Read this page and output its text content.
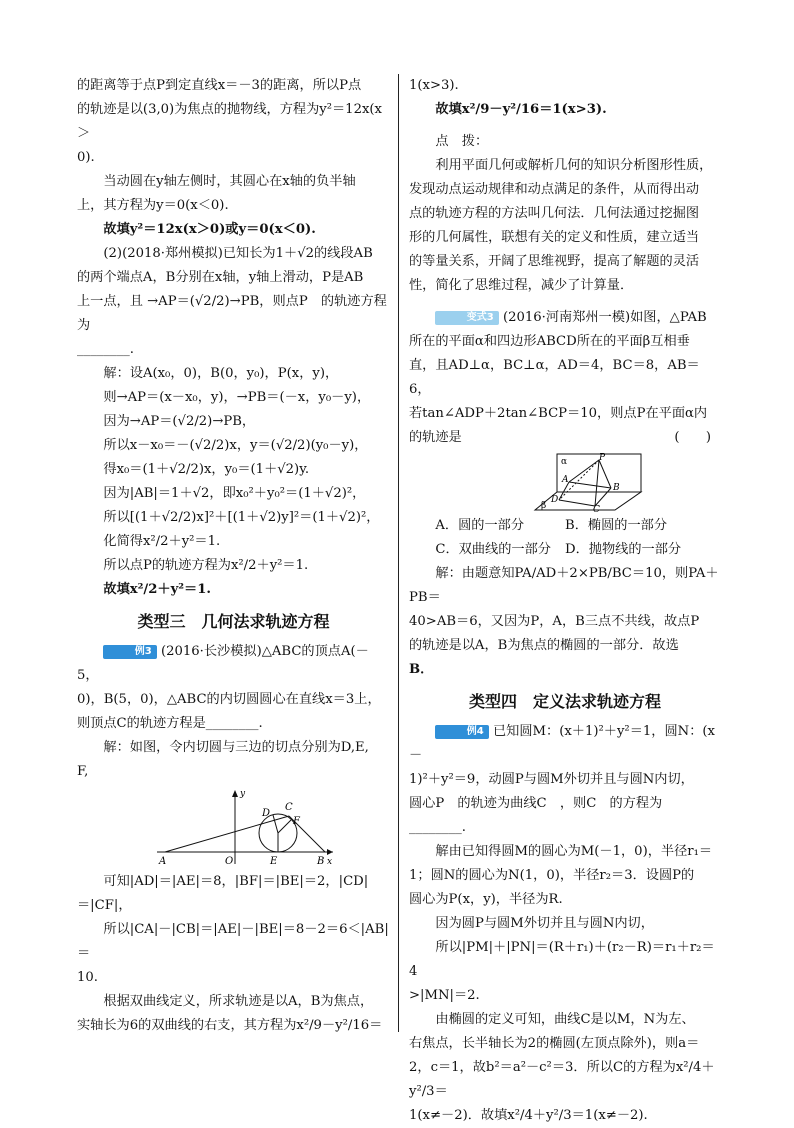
的距离等于点P到定直线x＝－3的距离，所以P点

的轨迹是以(3,0)为焦点的抛物线，方程为y²＝12x(x＞

0).

当动圆在y轴左侧时，其圆心在x轴的负半轴

上，其方程为y＝0(x＜0).

故填y²＝12x(x＞0)或y＝0(x＜0).

(2)(2018·郑州模拟)已知长为1＋√2的线段AB

的两个端点A，B分别在x轴，y轴上滑动，P是AB

上一点，且 →AP＝(√2/2)→PB，则点P　的轨迹方程为

________.

解：设A(x₀，0)，B(0，y₀)，P(x，y)，

则→AP＝(x－x₀，y)，→PB＝(－x，y₀－y)，

因为→AP＝(√2/2)→PB，

所以x－x₀＝－(√2/2)x，y＝(√2/2)(y₀－y)，

得x₀＝(1＋√2/2)x，y₀＝(1＋√2)y.

因为|AB|＝1＋√2，即x₀²＋y₀²＝(1＋√2)²，

所以[(1＋√2/2)x]²＋[(1＋√2)y]²＝(1＋√2)²，

化简得x²/2＋y²＝1.

所以点P的轨迹方程为x²/2＋y²＝1.

故填x²/2＋y²＝1.

类型三　几何法求轨迹方程

例3 (2016·长沙模拟)△ABC的顶点A(－5，

0)，B(5，0)，△ABC的内切圆圆心在直线x＝3上，

则顶点C的轨迹方程是________.

解：如图，令内切圆与三边的切点分别为D,E,

F,

A	O	E	B
C
D
F
x
y

可知|AD|＝|AE|＝8，|BF|＝|BE|＝2，|CD|＝|CF|，

所以|CA|－|CB|＝|AE|－|BE|＝8－2＝6＜|AB|＝

10.

根据双曲线定义，所求轨迹是以A，B为焦点，

实轴长为6的双曲线的右支，其方程为x²/9－y²/16＝

1(x>3).

故填x²/9－y²/16＝1(x>3).

点　拨：

利用平面几何或解析几何的知识分析图形性质，

发现动点运动规律和动点满足的条件，从而得出动

点的轨迹方程的方法叫几何法．几何法通过挖掘图

形的几何属性，联想有关的定义和性质，建立适当

的等量关系，开阔了思维视野，提高了解题的灵活

性，简化了思维过程，减少了计算量．

变式3 (2016·河南郑州一模)如图，△PAB

所在的平面α和四边形ABCD所在的平面β互相垂

直，且AD⊥α，BC⊥α，AD＝4，BC＝8，AB＝6，

若tan∠ADP＋2tan∠BCP＝10，则点P在平面α内

的轨迹是	(　　)

α
β
P
A
B
C
D
A．圆的一部分	B．椭圆的一部分
C．双曲线的一部分	D．抛物线的一部分

解：由题意知PA/AD＋2×PB/BC＝10，则PA＋PB＝

40>AB＝6，又因为P，A，B三点不共线，故点P

的轨迹是以A，B为焦点的椭圆的一部分．故选

B．

类型四　定义法求轨迹方程

例4 已知圆M：(x＋1)²＋y²＝1，圆N：(x－

1)²＋y²＝9，动圆P与圆M外切并且与圆N内切，

圆心P　的轨迹为曲线C　，则C　的方程为

________.

解由已知得圆M的圆心为M(－1，0)，半径r₁＝

1；圆N的圆心为N(1，0)，半径r₂＝3．设圆P的

圆心为P(x，y)，半径为R.

因为圆P与圆M外切并且与圆N内切，

所以|PM|＋|PN|＝(R＋r₁)＋(r₂－R)＝r₁＋r₂＝4

>|MN|＝2.

由椭圆的定义可知，曲线C是以M，N为左、

右焦点，长半轴长为2的椭圆(左顶点除外)，则a＝

2，c＝1，故b²＝a²－c²＝3．所以C的方程为x²/4＋y²/3＝

1(x≠－2)．故填x²/4＋y²/3＝1(x≠－2).
